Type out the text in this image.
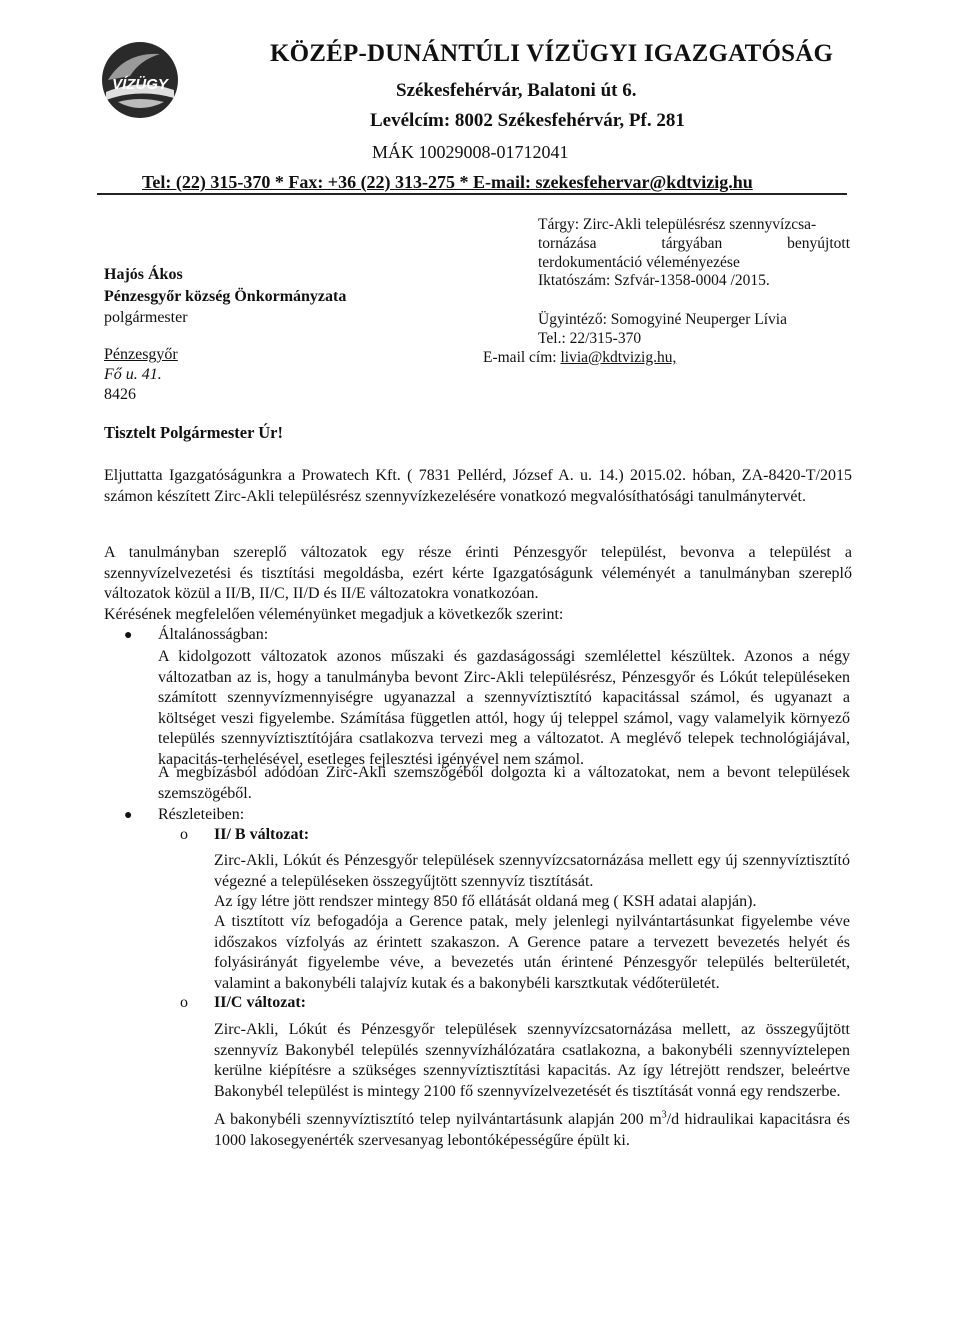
VÍZÜGY
KÖZÉP-DUNÁNTÚLI VÍZÜGYI IGAZGATÓSÁG
Székesfehérvár, Balatoni út 6.
Levélcím: 8002 Székesfehérvár, Pf. 281
MÁK 10029008-01712041
Tel: (22) 315-370 * Fax: +36 (22) 313-275 * E-mail: szekesfehervar@kdtvizig.hu
Hajós Ákos
Pénzesgyőr község Önkormányzata
polgármester
Pénzesgyőr
Fő u. 41.
8426
Tárgy: Zirc-Akli településrész szennyvízcsa-
tornázása tárgyában benyújtott
terdokumentáció véleményezése
Iktatószám: Szfvár-1358-0004 /2015.
Ügyintéző: Somogyiné Neuperger Lívia
Tel.: 22/315-370
E-mail cím: livia@kdtvizig.hu,
Tisztelt Polgármester Úr!
Eljuttatta Igazgatóságunkra a Prowatech Kft. ( 7831 Pellérd, József A. u. 14.) 2015.02. hóban, ZA-8420-T/2015 számon készített Zirc-Akli településrész szennyvízkezelésére vonatkozó megvalósíthatósági tanulmánytervét.
A tanulmányban szereplő változatok egy része érinti Pénzesgyőr települést, bevonva a települést a szennyvízelvezetési és tisztítási megoldásba, ezért kérte Igazgatóságunk véleményét a tanulmányban szereplő változatok közül a II/B, II/C, II/D és II/E változatokra vonatkozóan.
Kérésének megfelelően véleményünket megadjuk a következők szerint:
● Általánosságban:
A kidolgozott változatok azonos műszaki és gazdaságossági szemlélettel készültek. Azonos a négy változatban az is, hogy a tanulmányba bevont Zirc-Akli településrész, Pénzesgyőr és Lókút településeken számított szennyvízmennyiségre ugyanazzal a szennyvíztisztító kapacitással számol, és ugyanazt a költséget veszi figyelembe. Számítása független attól, hogy új teleppel számol, vagy valamelyik környező település szennyvíztisztítójára csatlakozva tervezi meg a változatot. A meglévő telepek technológiájával, kapacitás-terhelésével, esetleges fejlesztési igényével nem számol.
A megbízásból adódóan Zirc-Akli szemszögéből dolgozta ki a változatokat, nem a bevont települések szemszögéből.
● Részleteiben:
o II/ B változat:
Zirc-Akli, Lókút és Pénzesgyőr települések szennyvízcsatornázása mellett egy új szennyvíztisztító végezné a településeken összegyűjtött szennyvíz tisztítását.
Az így létre jött rendszer mintegy 850 fő ellátását oldaná meg ( KSH adatai alapján).
A tisztított víz befogadója a Gerence patak, mely jelenlegi nyilvántartásunkat figyelembe véve időszakos vízfolyás az érintett szakaszon. A Gerence patare a tervezett bevezetés helyét és folyásirányát figyelembe véve, a bevezetés után érintené Pénzesgyőr település belterületét, valamint a bakonybéli talajvíz kutak és a bakonybéli karsztkutak védőterületét.
o II/C változat:
Zirc-Akli, Lókút és Pénzesgyőr települések szennyvízcsatornázása mellett, az összegyűjtött szennyvíz Bakonybél település szennyvízhálózatára csatlakozna, a bakonybéli szennyvíztelepen kerülne kiépítésre a szükséges szennyvíztisztítási kapacitás. Az így létrejött rendszer, beleértve Bakonybél települést is mintegy 2100 fő szennyvízelvezetését és tisztítását vonná egy rendszerbe.
A bakonybéli szennyvíztisztító telep nyilvántartásunk alapján 200 $m^3/d$ hidraulikai kapacitásra és 1000 lakosegyenérték szervesanyag lebontóképességűre épült ki.
